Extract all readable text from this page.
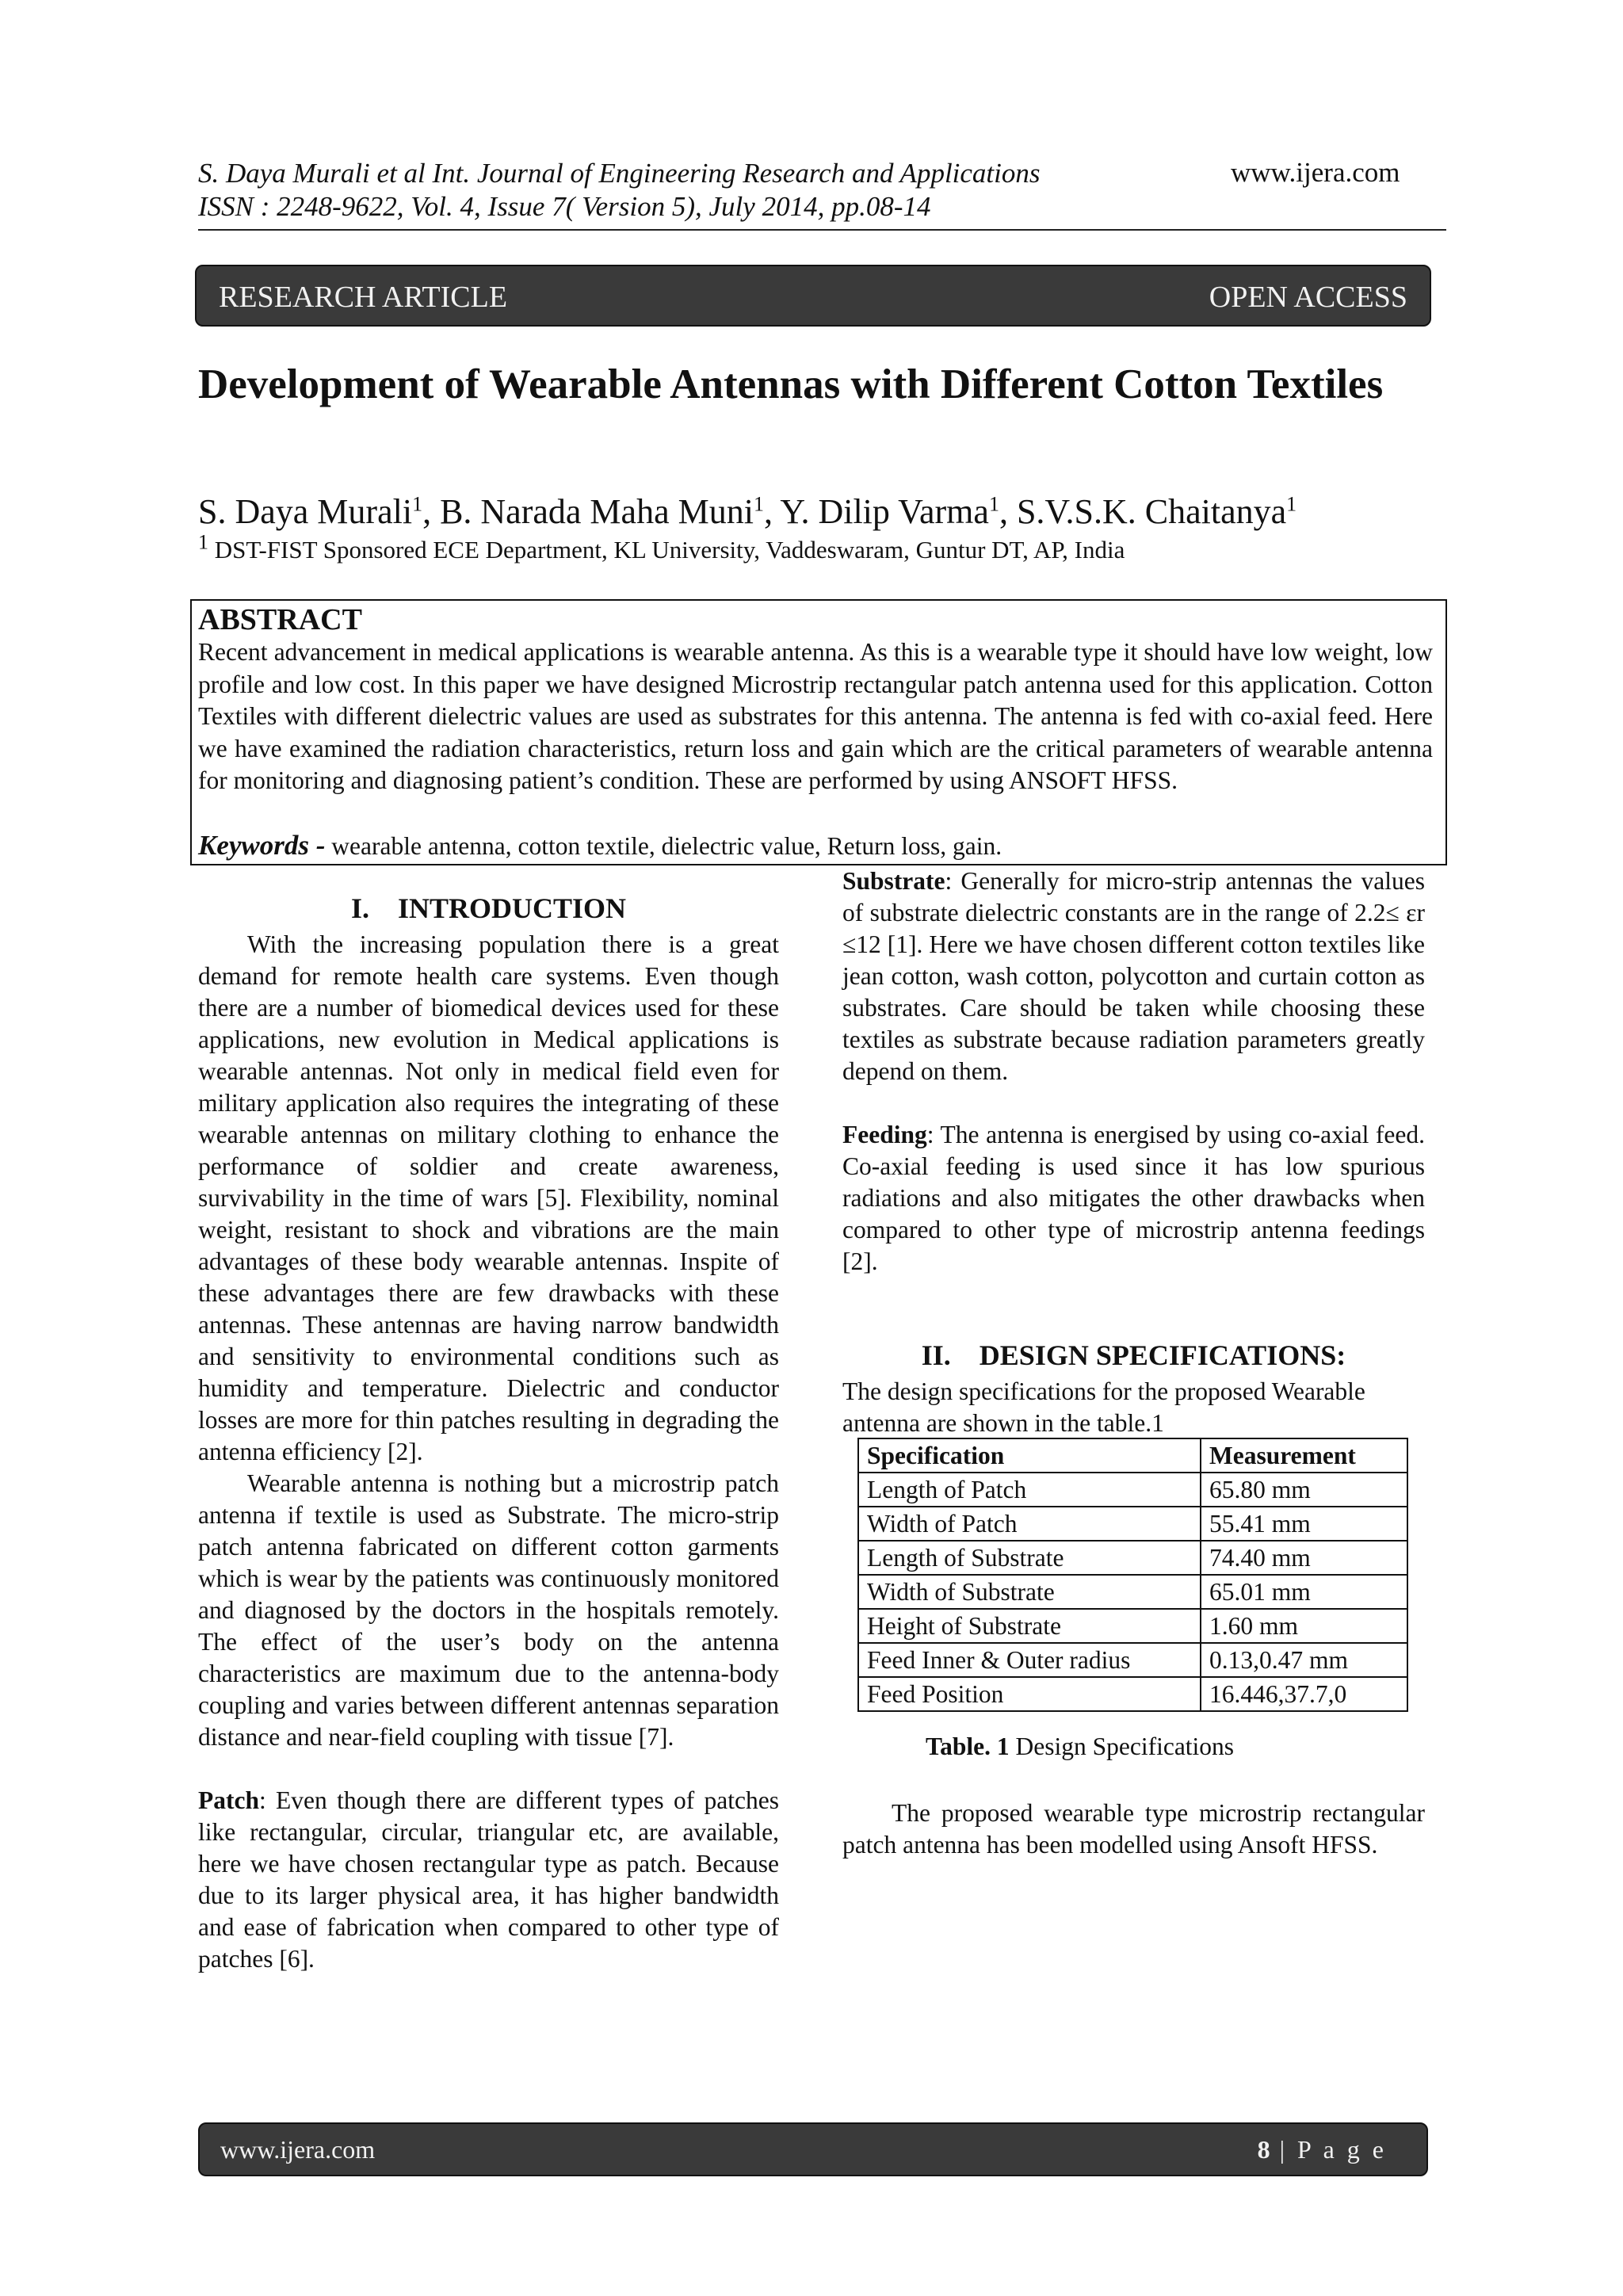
S. Daya Murali et al Int. Journal of Engineering Research and Applications
ISSN : 2248-9622, Vol. 4, Issue 7( Version 5), July 2014, pp.08-14
www.ijera.com
RESEARCH ARTICLE	OPEN ACCESS
Development of Wearable Antennas with Different Cotton Textiles
S. Daya Murali$^1$, B. Narada Maha Muni$^1$, Y. Dilip Varma$^1$, S.V.S.K. Chaitanya$^1$
$^1$ DST-FIST Sponsored ECE Department, KL University, Vaddeswaram, Guntur DT, AP, India
ABSTRACT
Recent advancement in medical applications is wearable antenna. As this is a wearable type it should have low weight, low profile and low cost. In this paper we have designed Microstrip rectangular patch antenna used for this application. Cotton Textiles with different dielectric values are used as substrates for this antenna. The antenna is fed with co-axial feed. Here we have examined the radiation characteristics, return loss and gain which are the critical parameters of wearable antenna for monitoring and diagnosing patient’s condition. These are performed by using ANSOFT HFSS.
Keywords - wearable antenna, cotton textile, dielectric value, Return loss, gain.
I. INTRODUCTION

With the increasing population there is a great demand for remote health care systems. Even though there are a number of biomedical devices used for these applications, new evolution in Medical applications is wearable antennas. Not only in medical field even for military application also requires the integrating of these wearable antennas on military clothing to enhance the performance of soldier and create awareness, survivability in the time of wars [5]. Flexibility, nominal weight, resistant to shock and vibrations are the main advantages of these body wearable antennas. Inspite of these advantages there are few drawbacks with these antennas. These antennas are having narrow bandwidth and sensitivity to environmental conditions such as humidity and temperature. Dielectric and conductor losses are more for thin patches resulting in degrading the antenna efficiency [2].

Wearable antenna is nothing but a microstrip patch antenna if textile is used as Substrate. The micro-strip patch antenna fabricated on different cotton garments which is wear by the patients was continuously monitored and diagnosed by the doctors in the hospitals remotely. The effect of the user’s body on the antenna characteristics are maximum due to the antenna-body coupling and varies between different antennas separation distance and near-field coupling with tissue [7].

Patch: Even though there are different types of patches like rectangular, circular, triangular etc, are available, here we have chosen rectangular type as patch. Because due to its larger physical area, it has higher bandwidth and ease of fabrication when compared to other type of patches [6].

Substrate: Generally for micro-strip antennas the values of substrate dielectric constants are in the range of 2.2≤ εr ≤12 [1]. Here we have chosen different cotton textiles like jean cotton, wash cotton, polycotton and curtain cotton as substrates. Care should be taken while choosing these textiles as substrate because radiation parameters greatly depend on them.

Feeding: The antenna is energised by using co-axial feed. Co-axial feeding is used since it has low spurious radiations and also mitigates the other drawbacks when compared to other type of microstrip antenna feedings [2].

II. DESIGN SPECIFICATIONS:
The design specifications for the proposed Wearable antenna are shown in the table.1
Specification	Measurement
Length of Patch	65.80 mm
Width of Patch	55.41 mm
Length of Substrate	74.40 mm
Width of Substrate	65.01 mm
Height of Substrate	1.60 mm
Feed Inner & Outer radius	0.13,0.47 mm
Feed Position	16.446,37.7,0
Table. 1 Design Specifications

The proposed wearable type microstrip rectangular patch antenna has been modelled using Ansoft HFSS.

www.ijera.com	8 | P a g e
